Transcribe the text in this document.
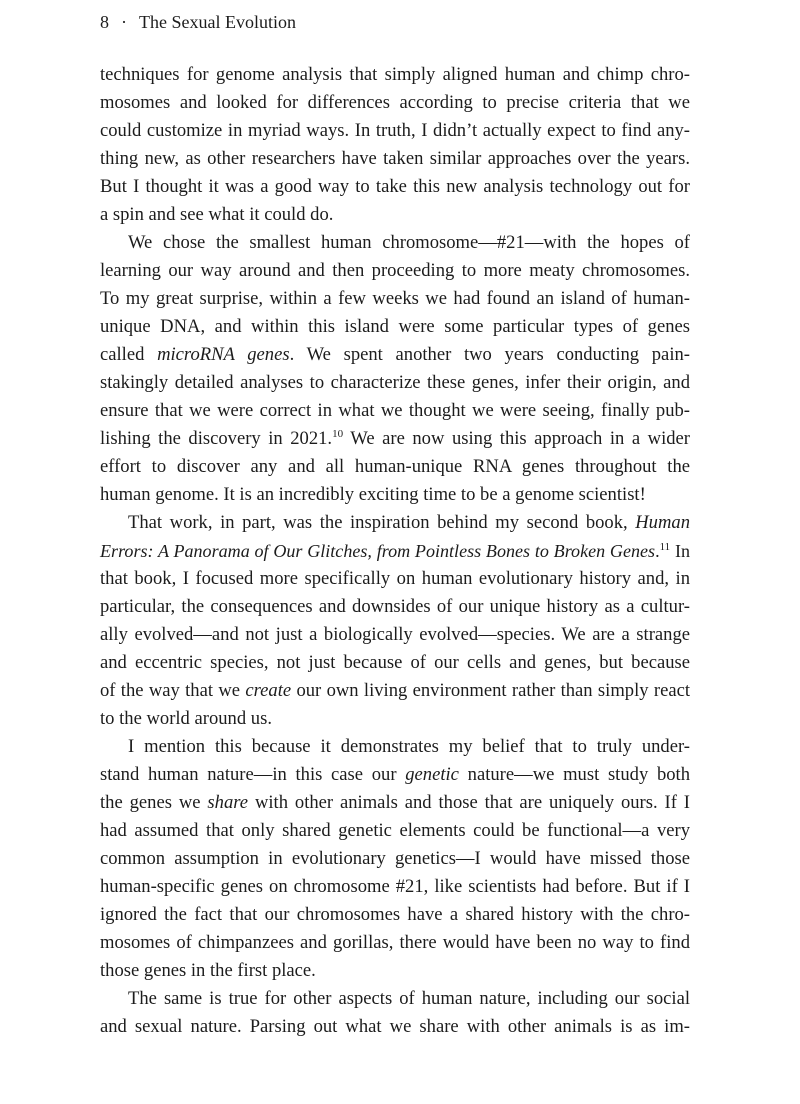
8 · The Sexual Evolution
techniques for genome analysis that simply aligned human and chimp chro-
mosomes and looked for differences according to precise criteria that we
could customize in myriad ways. In truth, I didn’t actually expect to find any-
thing new, as other researchers have taken similar approaches over the years.
But I thought it was a good way to take this new analysis technology out for
a spin and see what it could do.
We chose the smallest human chromosome—#21—with the hopes of
learning our way around and then proceeding to more meaty chromosomes.
To my great surprise, within a few weeks we had found an island of human-
unique DNA, and within this island were some particular types of genes
called microRNA genes. We spent another two years conducting pain-
stakingly detailed analyses to characterize these genes, infer their origin, and
ensure that we were correct in what we thought we were seeing, finally pub-
lishing the discovery in 2021.10 We are now using this approach in a wider
effort to discover any and all human-unique RNA genes throughout the
human genome. It is an incredibly exciting time to be a genome scientist!
That work, in part, was the inspiration behind my second book, Human
Errors: A Panorama of Our Glitches, from Pointless Bones to Broken Genes.$^{11}$ In
that book, I focused more specifically on human evolutionary history and, in
particular, the consequences and downsides of our unique history as a cultur-
ally evolved—and not just a biologically evolved—species. We are a strange
and eccentric species, not just because of our cells and genes, but because
of the way that we create our own living environment rather than simply react
to the world around us.
I mention this because it demonstrates my belief that to truly under-
stand human nature—in this case our genetic nature—we must study both
the genes we share with other animals and those that are uniquely ours. If I
had assumed that only shared genetic elements could be functional—a very
common assumption in evolutionary genetics—I would have missed those
human-specific genes on chromosome #21, like scientists had before. But if I
ignored the fact that our chromosomes have a shared history with the chro-
mosomes of chimpanzees and gorillas, there would have been no way to find
those genes in the first place.
The same is true for other aspects of human nature, including our social
and sexual nature. Parsing out what we share with other animals is as im-
